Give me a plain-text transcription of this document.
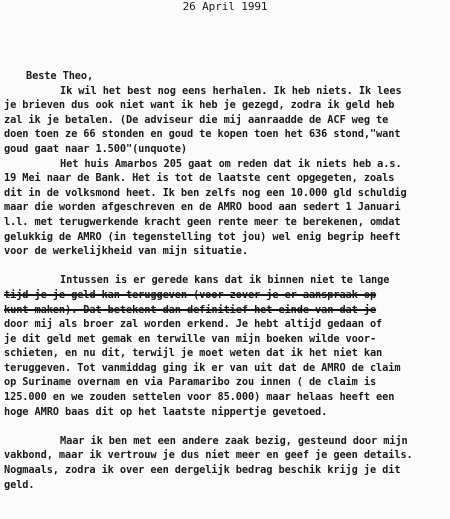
26 April 1991
Beste Theo,
Ik wil het best nog eens herhalen. Ik heb niets. Ik lees
je brieven dus ook niet want ik heb je gezegd, zodra ik geld heb
zal ik je betalen. (De adviseur die mij aanraadde de ACF weg te
doen toen ze 66 stonden en goud te kopen toen het 636 stond,"want
goud gaat naar 1.500"(unquote)
Het huis Amarbos 205 gaat om reden dat ik niets heb a.s.
19 Mei naar de Bank. Het is tot de laatste cent opgegeten, zoals
dit in de volksmond heet. Ik ben zelfs nog een 10.000 gld schuldig
maar die worden afgeschreven en de AMRO bood aan sedert 1 Januari
l.l. met terugwerkende kracht geen rente meer te berekenen, omdat
gelukkig de AMRO (in tegenstelling tot jou) wel enig begrip heeft
voor de werkelijkheid van mijn situatie.
Intussen is er gerede kans dat ik binnen niet te lange
tijd je je geld kan teruggeven (voor zover je er aanspraak op
kunt maken). Dat betekent dan definitief het einde van dat je
door mij als broer zal worden erkend. Je hebt altijd gedaan of
je dit geld met gemak en terwille van mijn boeken wilde voor-
schieten, en nu dit, terwijl je moet weten dat ik het niet kan
teruggeven. Tot vanmiddag ging ik er van uit dat de AMRO de claim
op Suriname overnam en via Paramaribo zou innen ( de claim is
125.000 en we zouden settelen voor 85.000) maar helaas heeft een
hoge AMRO baas dit op het laatste nippertje gevetoed.
Maar ik ben met een andere zaak bezig, gesteund door mijn
vakbond, maar ik vertrouw je dus niet meer en geef je geen details.
Nogmaals, zodra ik over een dergelijk bedrag beschik krijg je dit
geld.
